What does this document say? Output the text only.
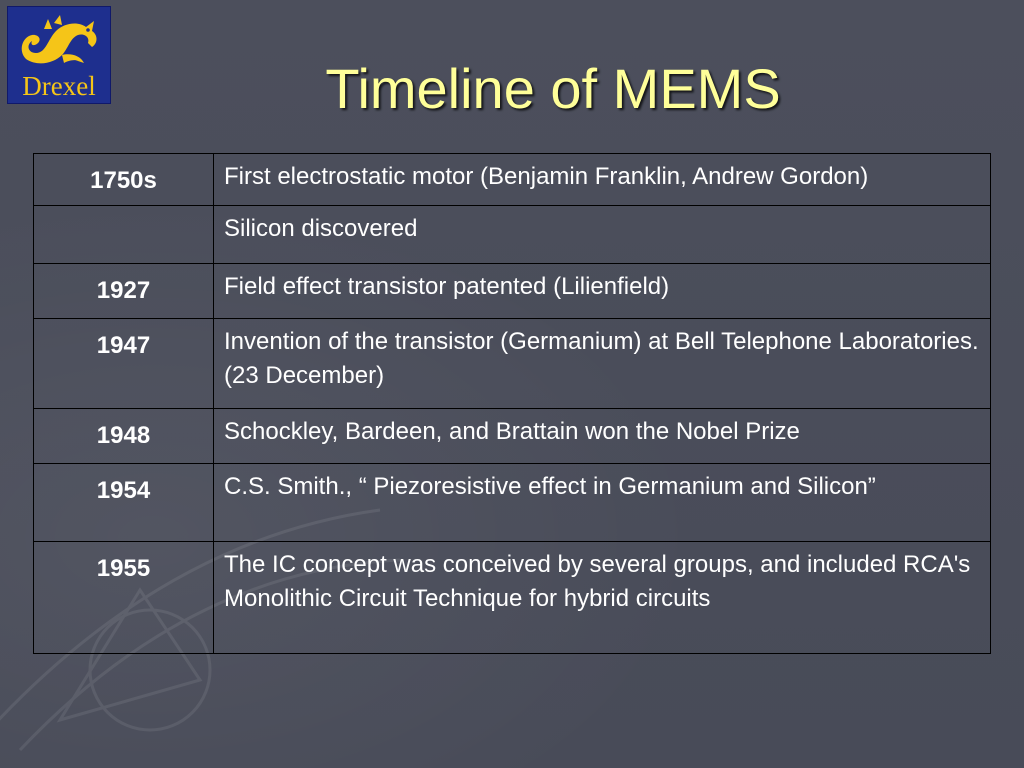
Drexel	Timeline of MEMS
1750s	First electrostatic motor (Benjamin Franklin, Andrew Gordon)
	Silicon discovered
1927	Field effect transistor patented (Lilienfield)
1947	Invention of the transistor (Germanium) at Bell Telephone Laboratories. (23 December)
1948	Schockley, Bardeen, and Brattain won the Nobel Prize
1954	C.S. Smith., “ Piezoresistive effect in Germanium and Silicon”
1955	The IC concept was conceived by several groups, and included RCA's Monolithic Circuit Technique for hybrid circuits
